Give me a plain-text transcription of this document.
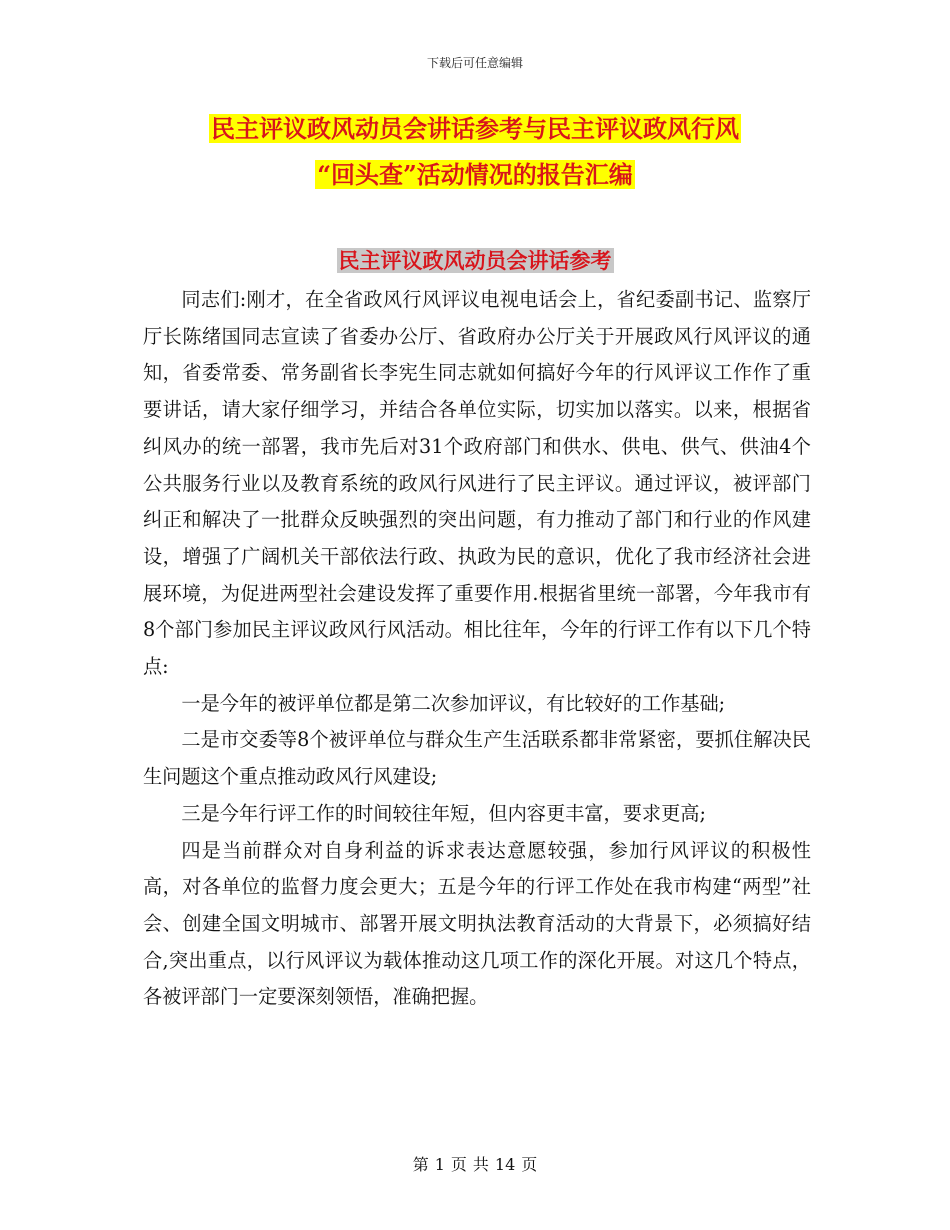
下载后可任意编辑
民主评议政风动员会讲话参考与民主评议政风行风
“回头查”活动情况的报告汇编
民主评议政风动员会讲话参考

同志们:刚才，在全省政风行风评议电视电话会上，省纪委副书记、监察厅厅长陈绪国同志宣读了省委办公厅、省政府办公厅关于开展政风行风评议的通知，省委常委、常务副省长李宪生同志就如何搞好今年的行风评议工作作了重要讲话，请大家仔细学习，并结合各单位实际，切实加以落实。以来，根据省纠风办的统一部署，我市先后对31个政府部门和供水、供电、供气、供油4个公共服务行业以及教育系统的政风行风进行了民主评议。通过评议，被评部门纠正和解决了一批群众反映强烈的突出问题，有力推动了部门和行业的作风建设，增强了广阔机关干部依法行政、执政为民的意识，优化了我市经济社会进展环境，为促进两型社会建设发挥了重要作用.根据省里统一部署，今年我市有8个部门参加民主评议政风行风活动。相比往年，今年的行评工作有以下几个特点:

一是今年的被评单位都是第二次参加评议，有比较好的工作基础;

二是市交委等8个被评单位与群众生产生活联系都非常紧密，要抓住解决民生问题这个重点推动政风行风建设;

三是今年行评工作的时间较往年短，但内容更丰富，要求更高;

四是当前群众对自身利益的诉求表达意愿较强，参加行风评议的积极性高，对各单位的监督力度会更大；五是今年的行评工作处在我市构建“两型”社会、创建全国文明城市、部署开展文明执法教育活动的大背景下，必须搞好结合,突出重点，以行风评议为载体推动这几项工作的深化开展。对这几个特点，各被评部门一定要深刻领悟，准确把握。

第 1 页 共 14 页
